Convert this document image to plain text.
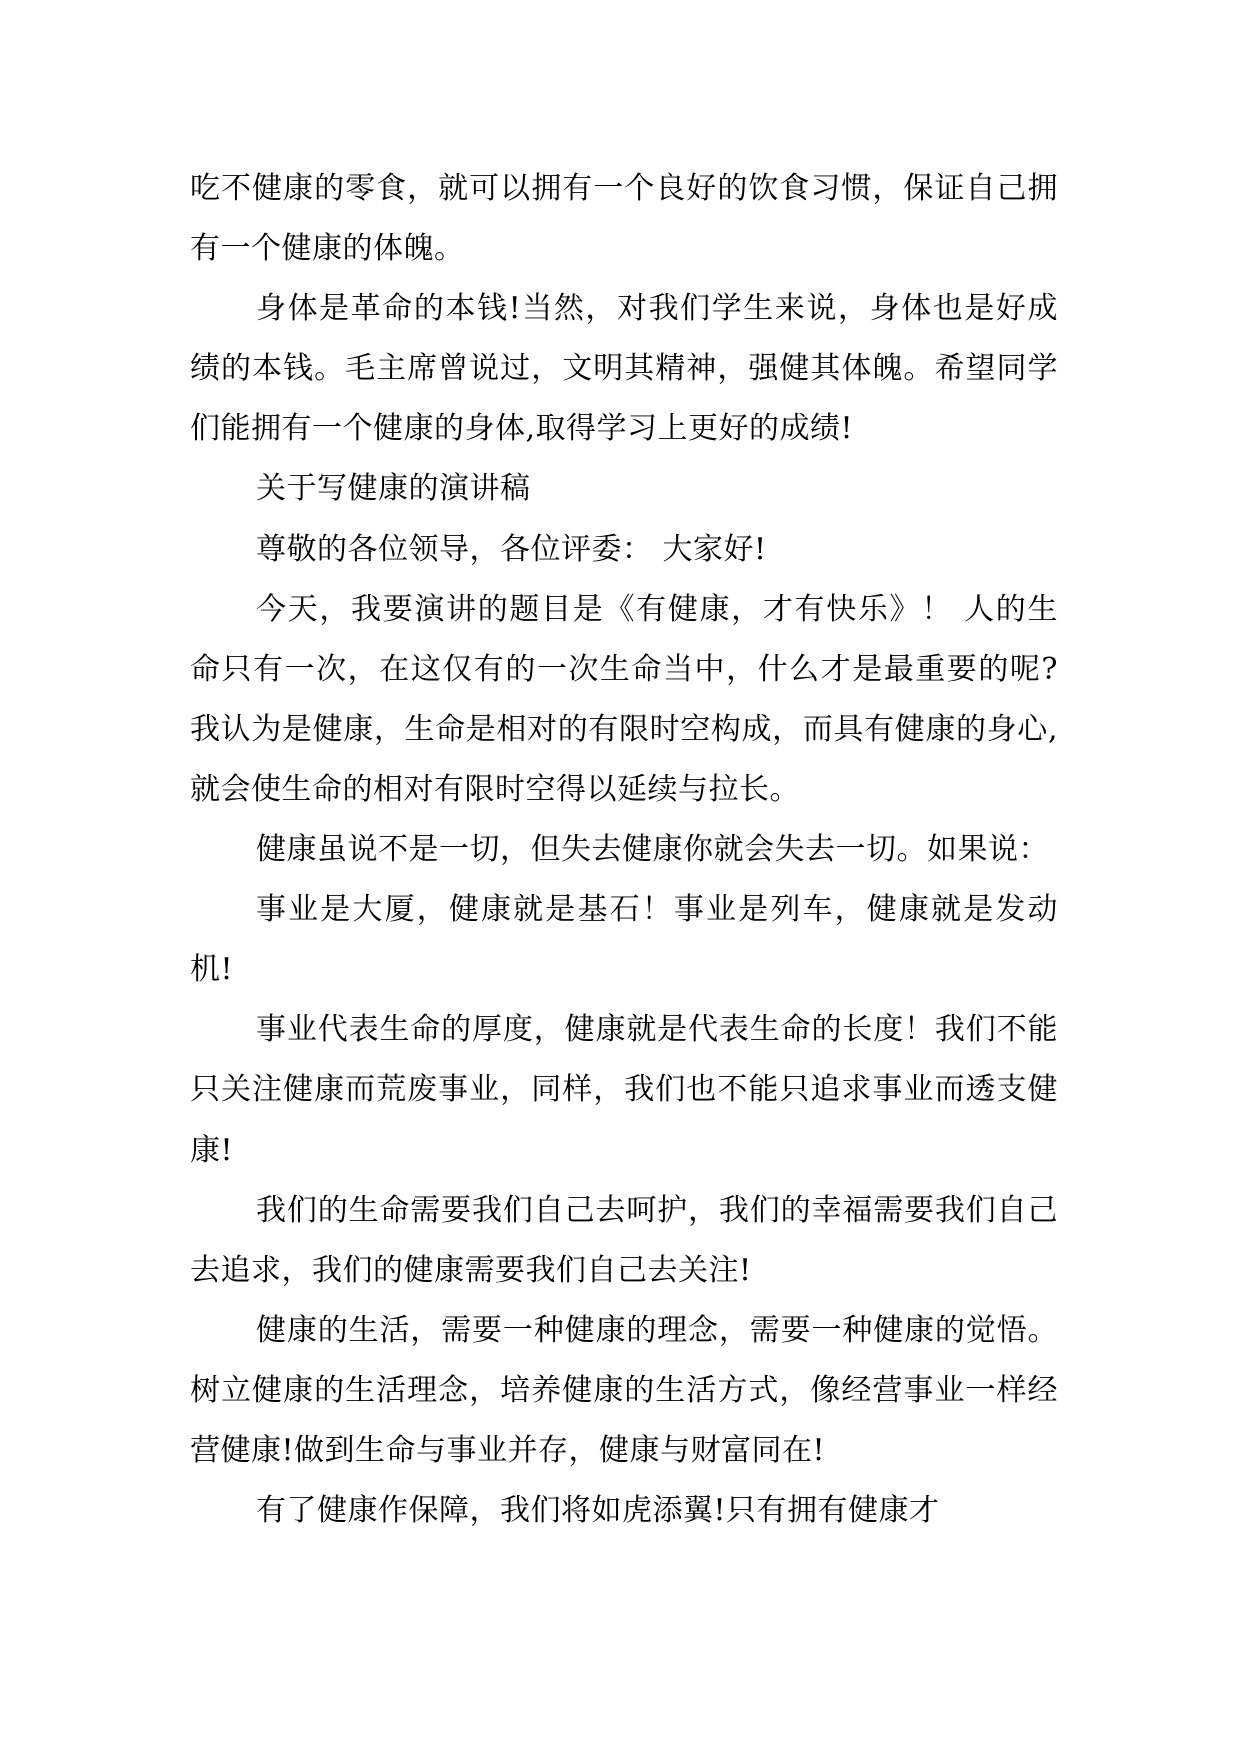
吃不健康的零食，就可以拥有一个良好的饮食习惯，保证自己拥有一个健康的体魄。

身体是革命的本钱!当然，对我们学生来说，身体也是好成绩的本钱。毛主席曾说过，文明其精神，强健其体魄。希望同学们能拥有一个健康的身体,取得学习上更好的成绩!

关于写健康的演讲稿

尊敬的各位领导，各位评委： 大家好!

今天，我要演讲的题目是《有健康，才有快乐》！ 人的生命只有一次，在这仅有的一次生命当中，什么才是最重要的呢?我认为是健康，生命是相对的有限时空构成，而具有健康的身心,就会使生命的相对有限时空得以延续与拉长。

健康虽说不是一切，但失去健康你就会失去一切。如果说：

事业是大厦，健康就是基石！事业是列车，健康就是发动机!

事业代表生命的厚度，健康就是代表生命的长度！我们不能只关注健康而荒废事业，同样，我们也不能只追求事业而透支健康!

我们的生命需要我们自己去呵护，我们的幸福需要我们自己去追求，我们的健康需要我们自己去关注!

健康的生活，需要一种健康的理念，需要一种健康的觉悟。树立健康的生活理念，培养健康的生活方式，像经营事业一样经营健康!做到生命与事业并存，健康与财富同在!

有了健康作保障，我们将如虎添翼!只有拥有健康才
